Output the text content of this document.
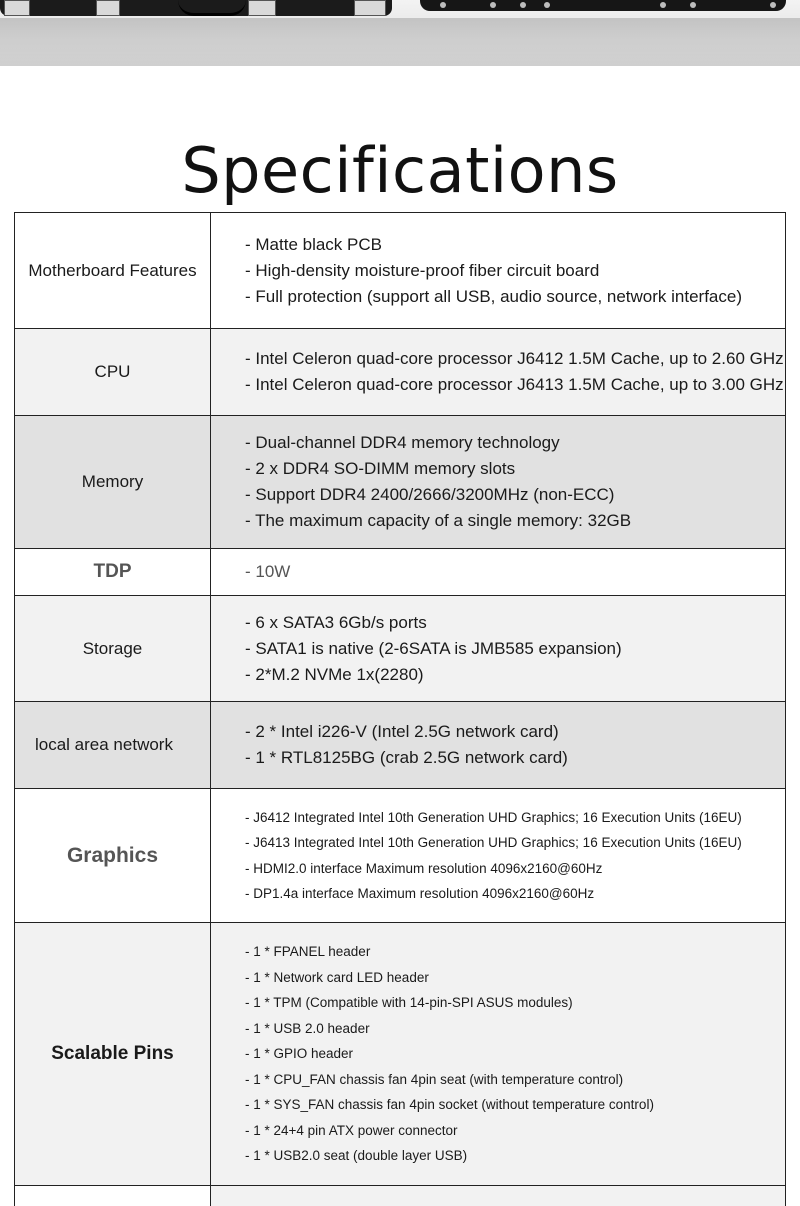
Specifications
Motherboard Features
- Matte black PCB
- High-density moisture-proof fiber circuit board
- Full protection (support all USB, audio source, network interface)
CPU
- Intel Celeron quad-core processor J6412 1.5M Cache, up to 2.60 GHz
- Intel Celeron quad-core processor J6413 1.5M Cache, up to 3.00 GHz
Memory
- Dual-channel DDR4 memory technology
- 2 x DDR4 SO-DIMM memory slots
- Support DDR4 2400/2666/3200MHz (non-ECC)
- The maximum capacity of a single memory: 32GB
TDP	- 10W
Storage
- 6 x SATA3 6Gb/s ports
- SATA1 is native (2-6SATA is JMB585 expansion)
- 2*M.2 NVMe 1x(2280)
local area network
- 2 * Intel i226-V (Intel 2.5G network card)
- 1 * RTL8125BG (crab 2.5G network card)
Graphics
- J6412 Integrated Intel 10th Generation UHD Graphics; 16 Execution Units (16EU)
- J6413 Integrated Intel 10th Generation UHD Graphics; 16 Execution Units (16EU)
- HDMI2.0 interface Maximum resolution 4096x2160@60Hz
- DP1.4a interface Maximum resolution 4096x2160@60Hz
Scalable Pins
- 1 * FPANEL header
- 1 * Network card LED header
- 1 * TPM (Compatible with 14-pin-SPI ASUS modules)
- 1 * USB 2.0 header
- 1 * GPIO header
- 1 * CPU_FAN chassis fan 4pin seat (with temperature control)
- 1 * SYS_FAN chassis fan 4pin socket (without temperature control)
- 1 * 24+4 pin ATX power connector
- 1 * USB2.0 seat (double layer USB)
